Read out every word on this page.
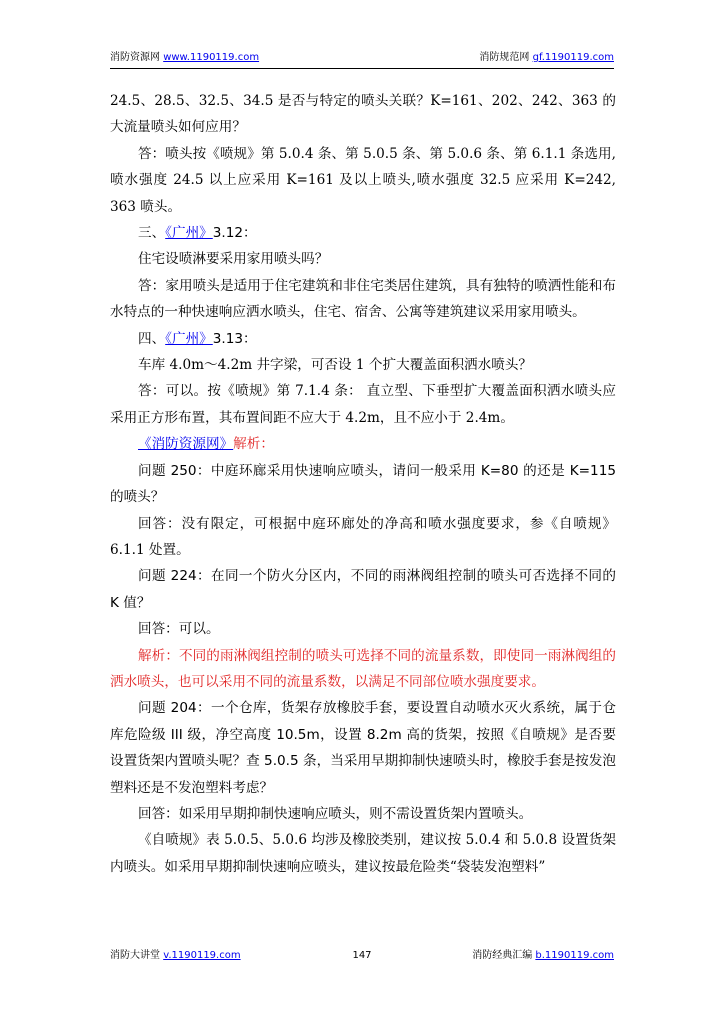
消防资源网 www.1190119.com	消防规范网 gf.1190119.com

24.5、28.5、32.5、34.5 是否与特定的喷头关联？K=161、202、242、363 的大流量喷头如何应用？

答：喷头按《喷规》第 5.0.4 条、第 5.0.5 条、第 5.0.6 条、第 6.1.1 条选用,喷水强度 24.5 以上应采用 K=161 及以上喷头,喷水强度 32.5 应采用 K=242, 363 喷头。

三、《广州》3.12：

住宅设喷淋要采用家用喷头吗？

答：家用喷头是适用于住宅建筑和非住宅类居住建筑，具有独特的喷洒性能和布水特点的一种快速响应洒水喷头，住宅、宿舍、公寓等建筑建议采用家用喷头。

四、《广州》3.13：

车库 4.0m～4.2m 井字梁，可否设 1 个扩大覆盖面积洒水喷头？

答：可以。按《喷规》第 7.1.4 条： 直立型、下垂型扩大覆盖面积洒水喷头应采用正方形布置，其布置间距不应大于 4.2m，且不应小于 2.4m。

《消防资源网》解析：

问题 250：中庭环廊采用快速响应喷头，请问一般采用 K=80 的还是 K=115 的喷头？

回答：没有限定，可根据中庭环廊处的净高和喷水强度要求，参《自喷规》6.1.1 处置。

问题 224：在同一个防火分区内，不同的雨淋阀组控制的喷头可否选择不同的 K 值？

回答：可以。

解析：不同的雨淋阀组控制的喷头可选择不同的流量系数，即使同一雨淋阀组的洒水喷头，也可以采用不同的流量系数，以满足不同部位喷水强度要求。

问题 204：一个仓库，货架存放橡胶手套，要设置自动喷水灭火系统，属于仓库危险级 III 级，净空高度 10.5m，设置 8.2m 高的货架，按照《自喷规》是否要设置货架内置喷头呢？查 5.0.5 条，当采用早期抑制快速喷头时，橡胶手套是按发泡塑料还是不发泡塑料考虑？

回答：如采用早期抑制快速响应喷头，则不需设置货架内置喷头。

《自喷规》表 5.0.5、5.0.6 均涉及橡胶类别，建议按 5.0.4 和 5.0.8 设置货架内喷头。如采用早期抑制快速响应喷头，建议按最危险类“袋装发泡塑料”

消防大讲堂 v.1190119.com	147	消防经典汇编 b.1190119.com
